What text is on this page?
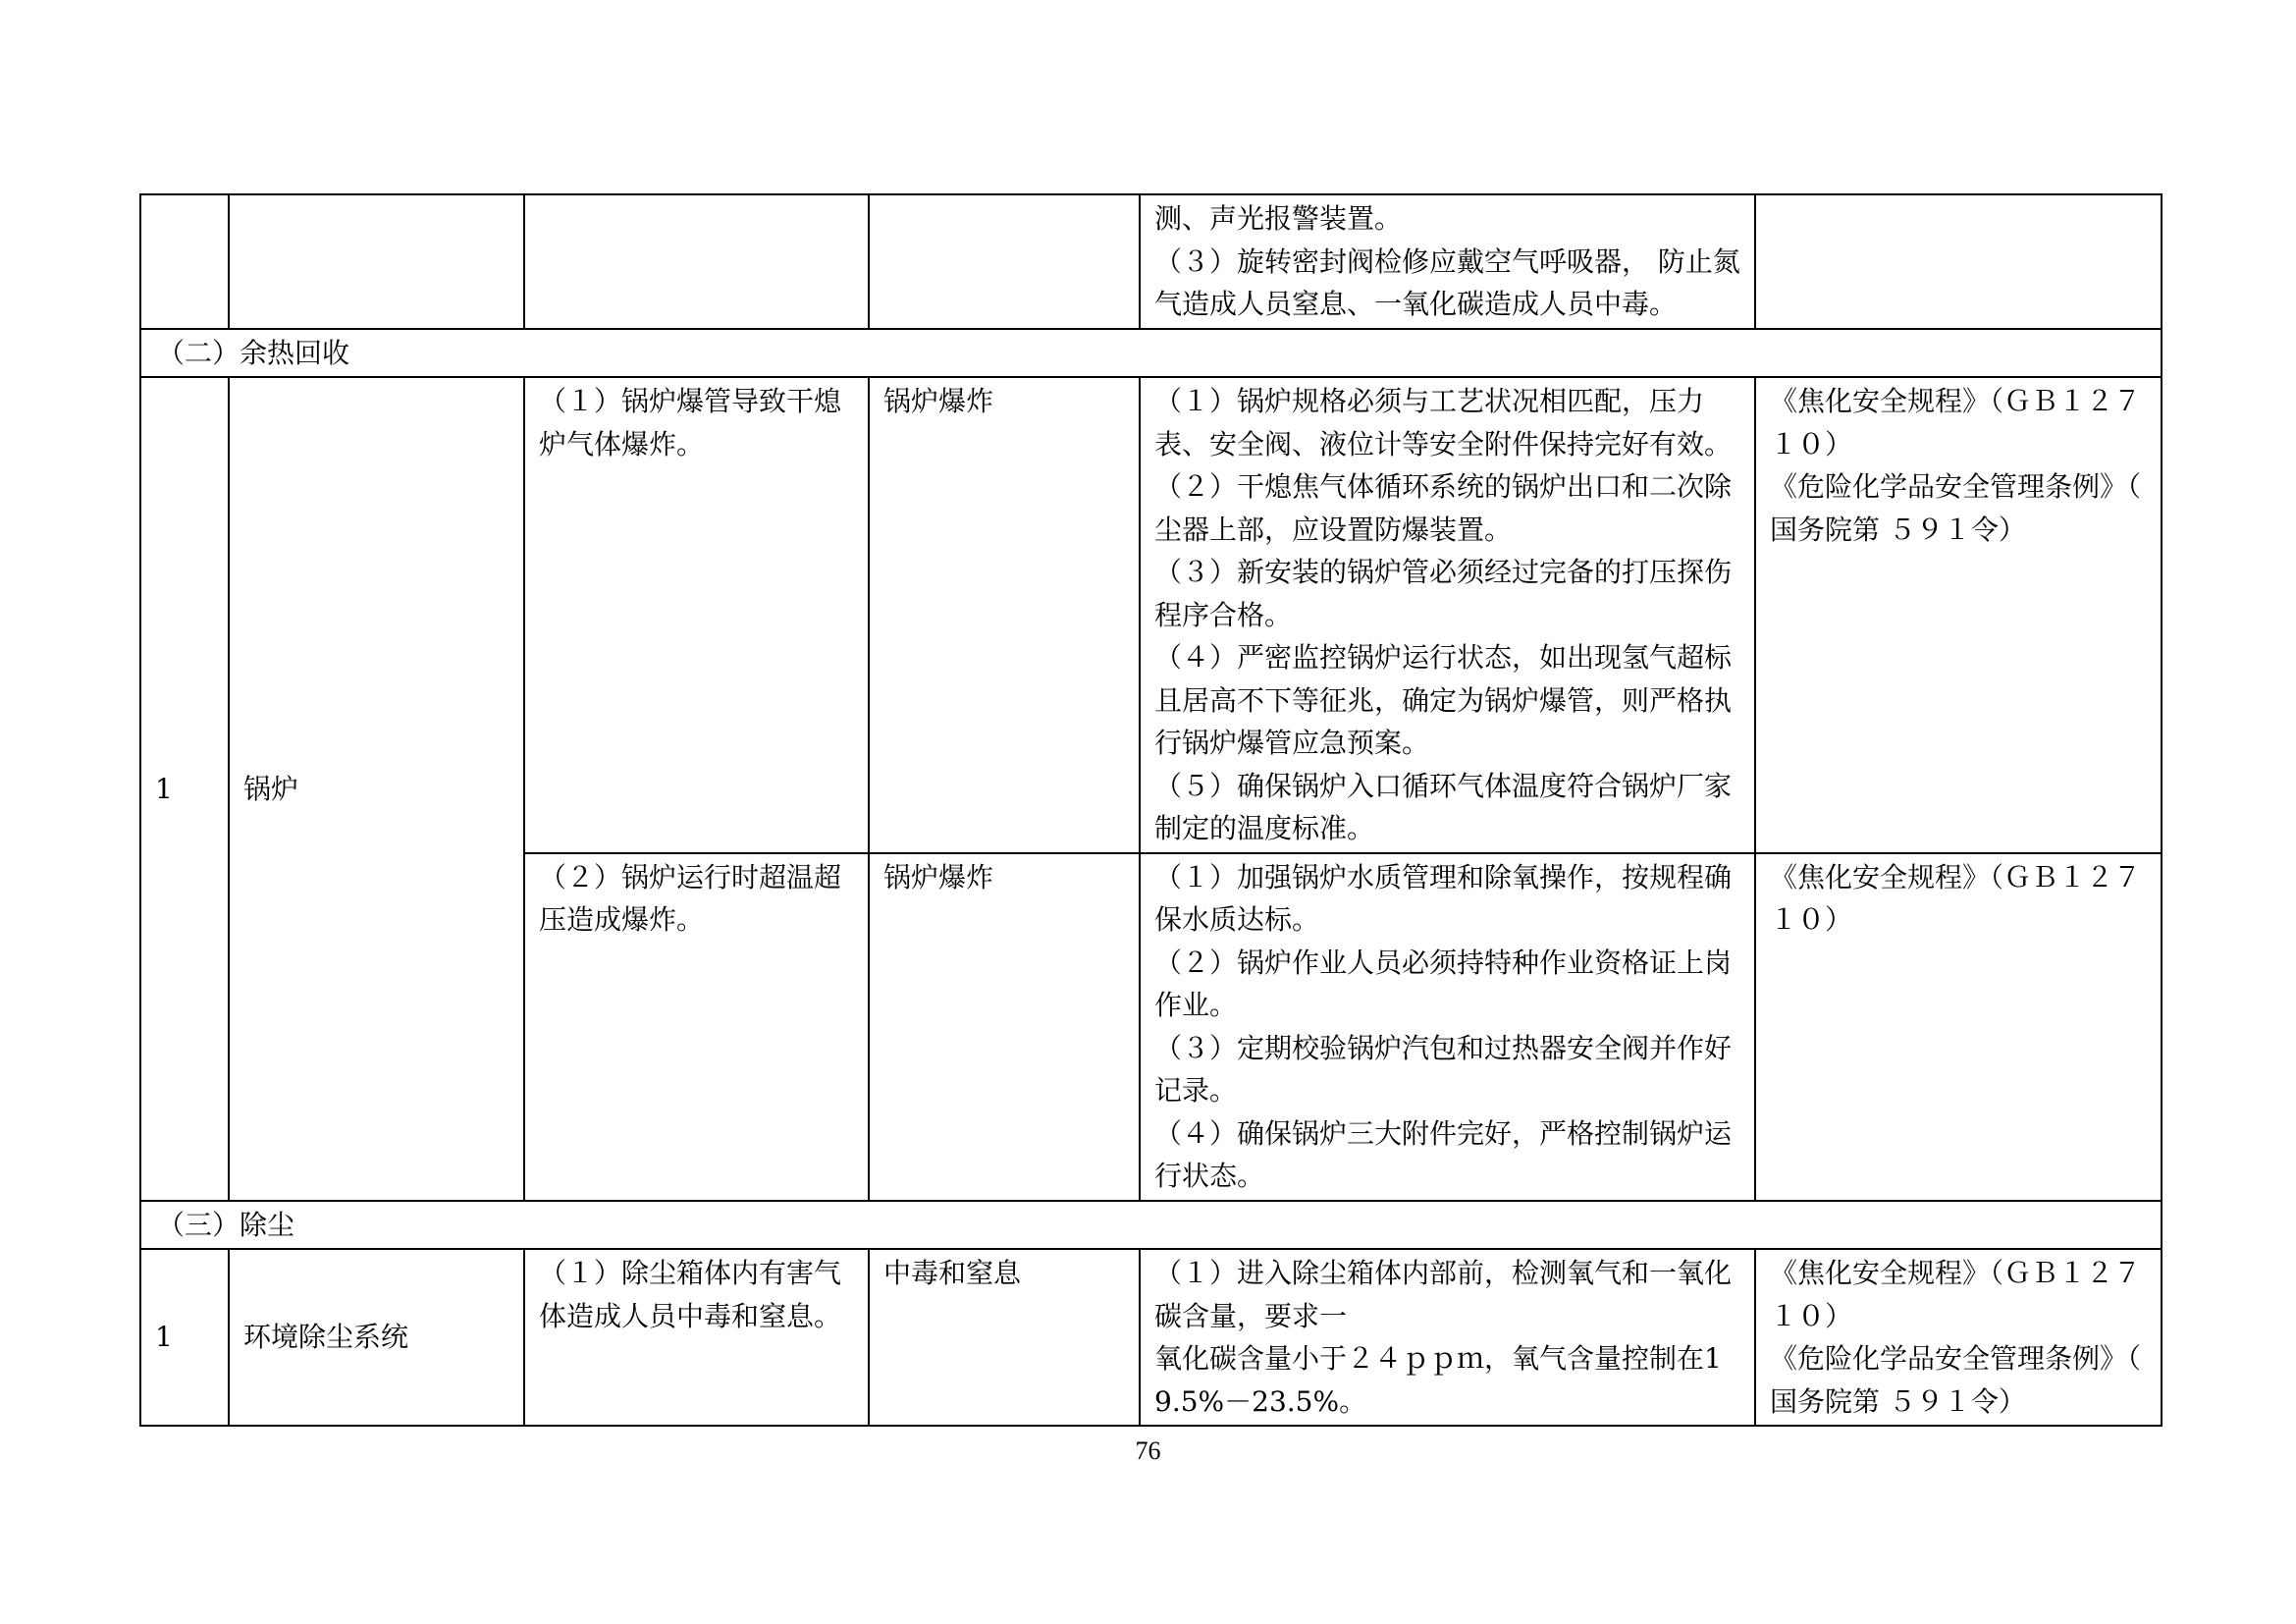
				测、声光报警装置。
（３）旋转密封阀检修应戴空气呼吸器， 防止氮气造成人员窒息、一氧化碳造成人员中毒。	

（二）余热回收					
1	锅炉	（１）锅炉爆管导致干熄炉气体爆炸。	锅炉爆炸	（１）锅炉规格必须与工艺状况相匹配，压力表、安全阀、液位计等安全附件保持完好有效。
（２）干熄焦气体循环系统的锅炉出口和二次除尘器上部，应设置防爆装置。
（３）新安装的锅炉管必须经过完备的打压探伤程序合格。
（４）严密监控锅炉运行状态，如出现氢气超标且居高不下等征兆，确定为锅炉爆管，则严格执行锅炉爆管应急预案。
（５）确保锅炉入口循环气体温度符合锅炉厂家制定的温度标准。	《焦化安全规程》（ＧＢ１２７１０）
《危险化学品安全管理条例》（ 国务院第 ５９１令）

		（２）锅炉运行时超温超压造成爆炸。	锅炉爆炸	（１）加强锅炉水质管理和除氧操作，按规程确保水质达标。
（２）锅炉作业人员必须持特种作业资格证上岗作业。
（３）定期校验锅炉汽包和过热器安全阀并作好记录。
（４）确保锅炉三大附件完好，严格控制锅炉运行状态。	《焦化安全规程》（ＧＢ１２７１０）

（三）除尘					
1	环境除尘系统	（１）除尘箱体内有害气体造成人员中毒和窒息。	中毒和窒息	（１）进入除尘箱体内部前，检测氧气和一氧化碳含量，要求一
氧化碳含量小于２４ｐｐｍ，氧气含量控制在19.5%－23.5%。	《焦化安全规程》（ＧＢ１２７１０）
《危险化学品安全管理条例》（ 国务院第 ５９１令）
76
